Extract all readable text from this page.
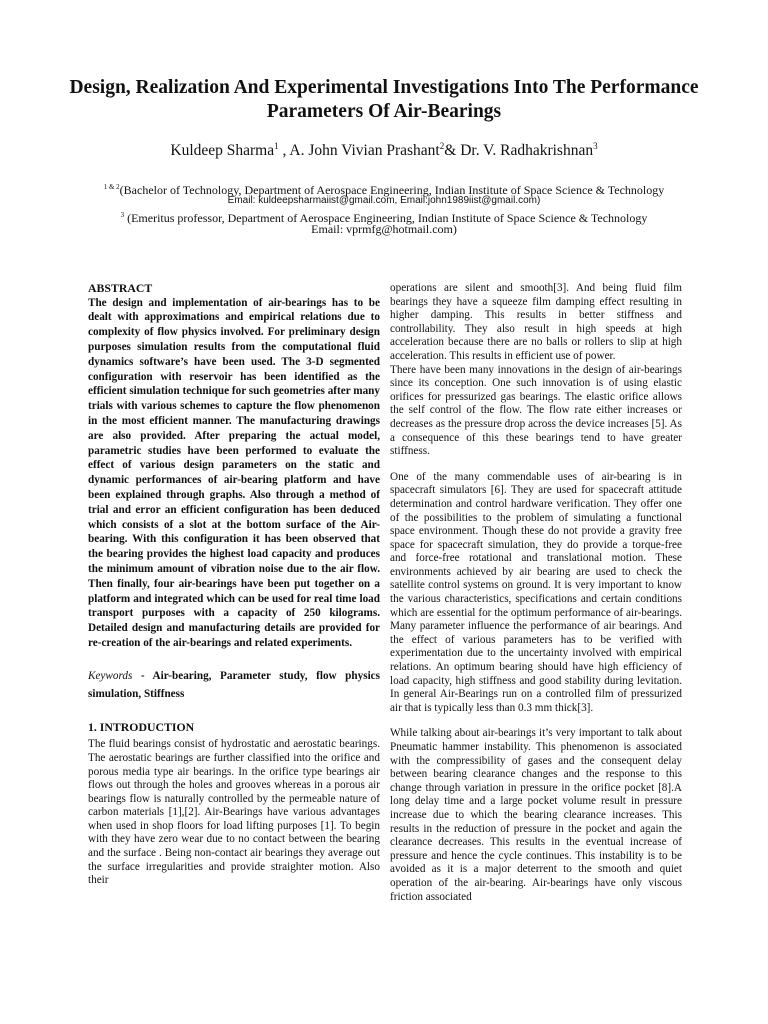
Design, Realization And Experimental Investigations Into The Performance Parameters Of Air-Bearings
Kuldeep Sharma$^1$ , A. John Vivian Prashant$^2$& Dr. V. Radhakrishnan$^3$
$^{1 \& 2}$(Bachelor of Technology, Department of Aerospace Engineering, Indian Institute of Space Science & Technology
Email: kuldeepsharmaiist@gmail.com, Email:john1989iist@gmail.com)
$^3$ (Emeritus professor, Department of Aerospace Engineering, Indian Institute of Space Science & Technology
Email: vprmfg@hotmail.com)

ABSTRACT

The design and implementation of air-bearings has to be dealt with approximations and empirical relations due to complexity of flow physics involved. For preliminary design purposes simulation results from the computational fluid dynamics software’s have been used. The 3-D segmented configuration with reservoir has been identified as the efficient simulation technique for such geometries after many trials with various schemes to capture the flow phenomenon in the most efficient manner. The manufacturing drawings are also provided. After preparing the actual model, parametric studies have been performed to evaluate the effect of various design parameters on the static and dynamic performances of air-bearing platform and have been explained through graphs. Also through a method of trial and error an efficient configuration has been deduced which consists of a slot at the bottom surface of the Air-bearing. With this configuration it has been observed that the bearing provides the highest load capacity and produces the minimum amount of vibration noise due to the air flow. Then finally, four air-bearings have been put together on a platform and integrated which can be used for real time load transport purposes with a capacity of 250 kilograms. Detailed design and manufacturing details are provided for re-creation of the air-bearings and related experiments.

Keywords - Air-bearing, Parameter study, flow physics simulation, Stiffness

1. INTRODUCTION

The fluid bearings consist of hydrostatic and aerostatic bearings. The aerostatic bearings are further classified into the orifice and porous media type air bearings. In the orifice type bearings air flows out through the holes and grooves whereas in a porous air bearings flow is naturally controlled by the permeable nature of carbon materials [1],[2]. Air-Bearings have various advantages when used in shop floors for load lifting purposes [1]. To begin with they have zero wear due to no contact between the bearing and the surface . Being non-contact air bearings they average out the surface irregularities and provide straighter motion. Also their

operations are silent and smooth[3]. And being fluid film bearings they have a squeeze film damping effect resulting in higher damping. This results in better stiffness and controllability. They also result in high speeds at high acceleration because there are no balls or rollers to slip at high acceleration. This results in efficient use of power.

There have been many innovations in the design of air-bearings since its conception. One such innovation is of using elastic orifices for pressurized gas bearings. The elastic orifice allows the self control of the flow. The flow rate either increases or decreases as the pressure drop across the device increases [5]. As a consequence of this these bearings tend to have greater stiffness.

One of the many commendable uses of air-bearing is in spacecraft simulators [6]. They are used for spacecraft attitude determination and control hardware verification. They offer one of the possibilities to the problem of simulating a functional space environment. Though these do not provide a gravity free space for spacecraft simulation, they do provide a torque-free and force-free rotational and translational motion. These environments achieved by air bearing are used to check the satellite control systems on ground. It is very important to know the various characteristics, specifications and certain conditions which are essential for the optimum performance of air-bearings. Many parameter influence the performance of air bearings. And the effect of various parameters has to be verified with experimentation due to the uncertainty involved with empirical relations. An optimum bearing should have high efficiency of load capacity, high stiffness and good stability during levitation. In general Air-Bearings run on a controlled film of pressurized air that is typically less than 0.3 mm thick[3].

While talking about air-bearings it’s very important to talk about Pneumatic hammer instability. This phenomenon is associated with the compressibility of gases and the consequent delay between bearing clearance changes and the response to this change through variation in pressure in the orifice pocket [8].A long delay time and a large pocket volume result in pressure increase due to which the bearing clearance increases. This results in the reduction of pressure in the pocket and again the clearance decreases. This results in the eventual increase of pressure and hence the cycle continues. This instability is to be avoided as it is a major deterrent to the smooth and quiet operation of the air-bearing. Air-bearings have only viscous friction associated
